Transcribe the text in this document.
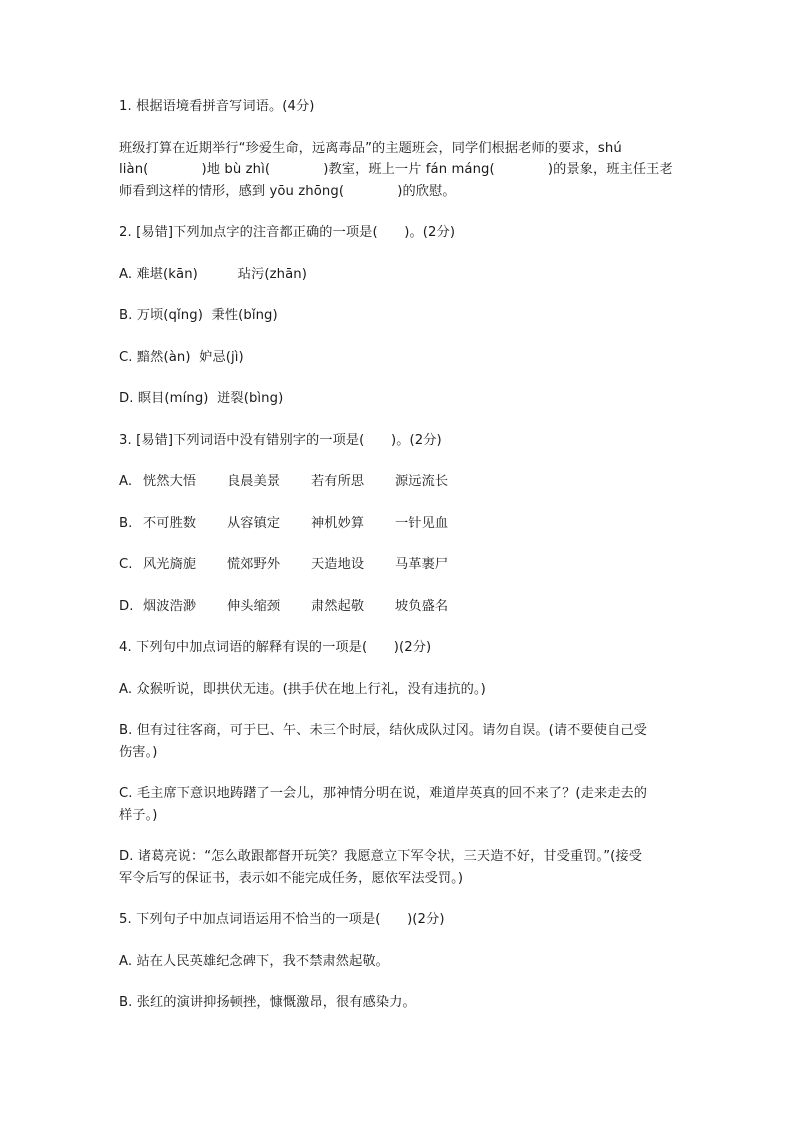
1. 根据语境看拼音写词语。(4分)
班级打算在近期举行“珍爱生命，远离毒品”的主题班会，同学们根据老师的要求，shú
liàn(　　　　)地 bù zhì(　　　　)教室，班上一片 fán máng(　　　　)的景象，班主任王老
师看到这样的情形，感到 yōu zhōng(　　　　)的欣慰。
2. [易错]下列加点字的注音都正确的一项是(　　)。(2分)
A. 难堪(kān)　　　玷污(zhān)
B. 万顷(qǐng)  秉性(bǐng)
C. 黯然(àn)  妒忌(jì)
D. 瞑目(míng)  迸裂(bìng)
3. [易错]下列词语中没有错别字的一项是(　　)。(2分)
A. 恍然大悟	良晨美景	若有所思	源远流长
B. 不可胜数	从容镇定	神机妙算	一针见血
C. 风光旖旎	慌郊野外	天造地设	马革裹尸
D. 烟波浩渺	伸头缩颈	肃然起敬	坡负盛名
4. 下列句中加点词语的解释有误的一项是(　　)(2分)
A. 众猴听说，即拱伏无违。(拱手伏在地上行礼，没有违抗的。)
B. 但有过往客商，可于巳、午、未三个时辰，结伙成队过冈。请勿自误。(请不要使自己受
伤害。)
C. 毛主席下意识地踌躇了一会儿，那神情分明在说，难道岸英真的回不来了？(走来走去的
样子。)
D. 诸葛亮说：“怎么敢跟都督开玩笑？我愿意立下军令状，三天造不好，甘受重罚。”(接受
军令后写的保证书，表示如不能完成任务，愿依军法受罚。)
5. 下列句子中加点词语运用不恰当的一项是(　　)(2分)
A. 站在人民英雄纪念碑下，我不禁肃然起敬。
B. 张红的演讲抑扬顿挫，慷慨激昂，很有感染力。
